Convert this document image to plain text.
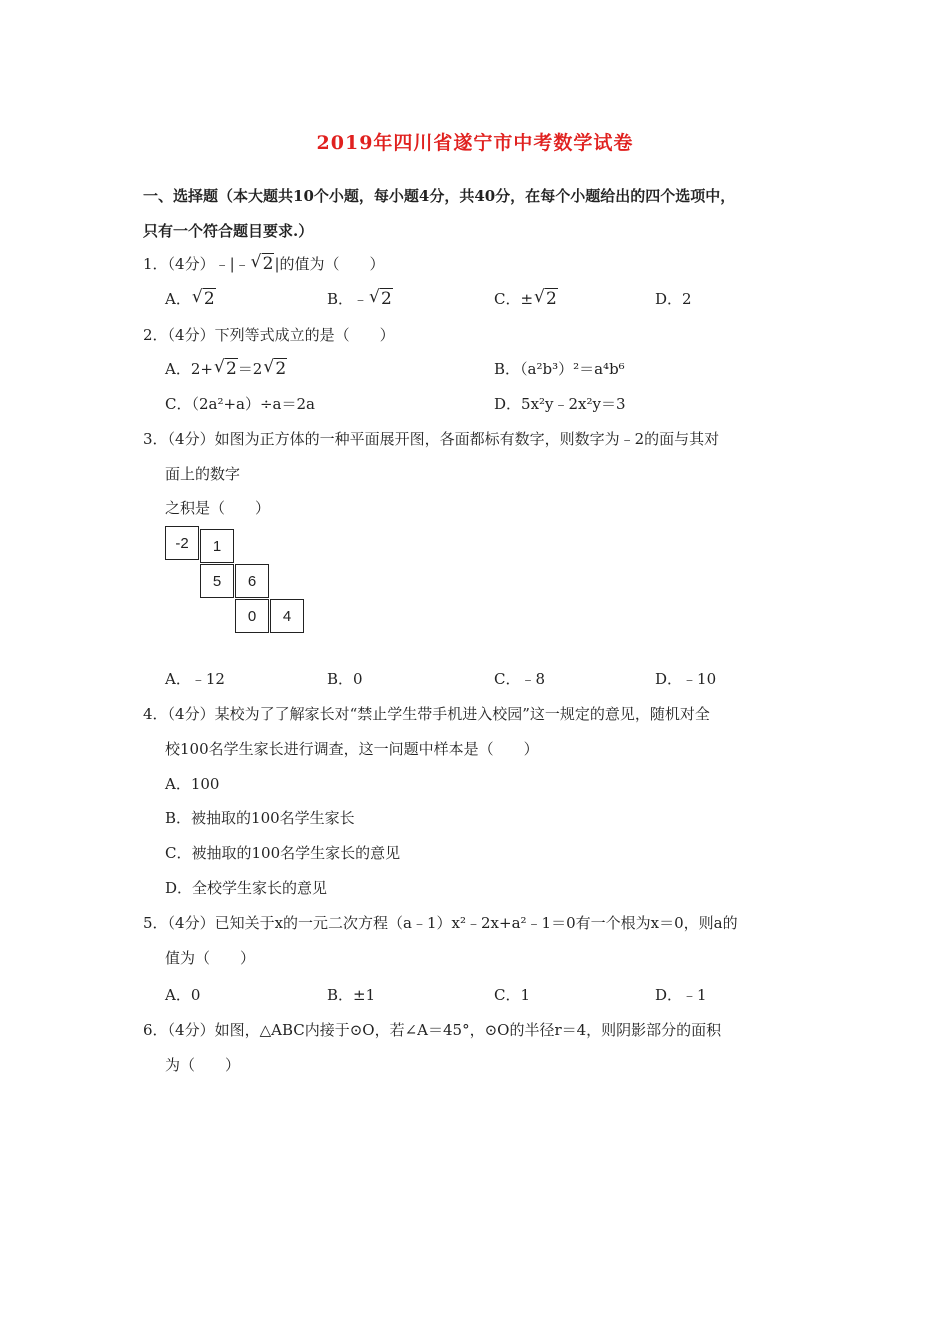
2019年四川省遂宁市中考数学试卷
一、选择题（本大题共10个小题，每小题4分，共40分，在每个小题给出的四个选项中，
只有一个符合题目要求.）
1．（4分）﹣|﹣ √ 2|的值为（　　）
A． √ 2	B．﹣ √ 2	C．± √ 2	D．2
2．（4分）下列等式成立的是（　　）
A．2+ √ 2＝2 √ 2	B．（a²b³）²＝a⁴b⁶
C．（2a²+a）÷a＝2a	D．5x²y﹣2x²y＝3
3．（4分）如图为正方体的一种平面展开图，各面都标有数字，则数字为﹣2的面与其对
面上的数字
之积是（　　）
-2	1
5	6
0	4
A．﹣12	B．0	C．﹣8	D．﹣10
4．（4分）某校为了了解家长对“禁止学生带手机进入校园”这一规定的意见，随机对全
校100名学生家长进行调查，这一问题中样本是（　　）
A．100
B．被抽取的100名学生家长
C．被抽取的100名学生家长的意见
D．全校学生家长的意见
5．（4分）已知关于x的一元二次方程（a﹣1）x²﹣2x+a²﹣1＝0有一个根为x＝0，则a的
值为（　　）
A．0	B．±1	C．1	D．﹣1
6．（4分）如图，△ABC内接于⊙O，若∠A＝45°，⊙O的半径r＝4，则阴影部分的面积
为（　　）
